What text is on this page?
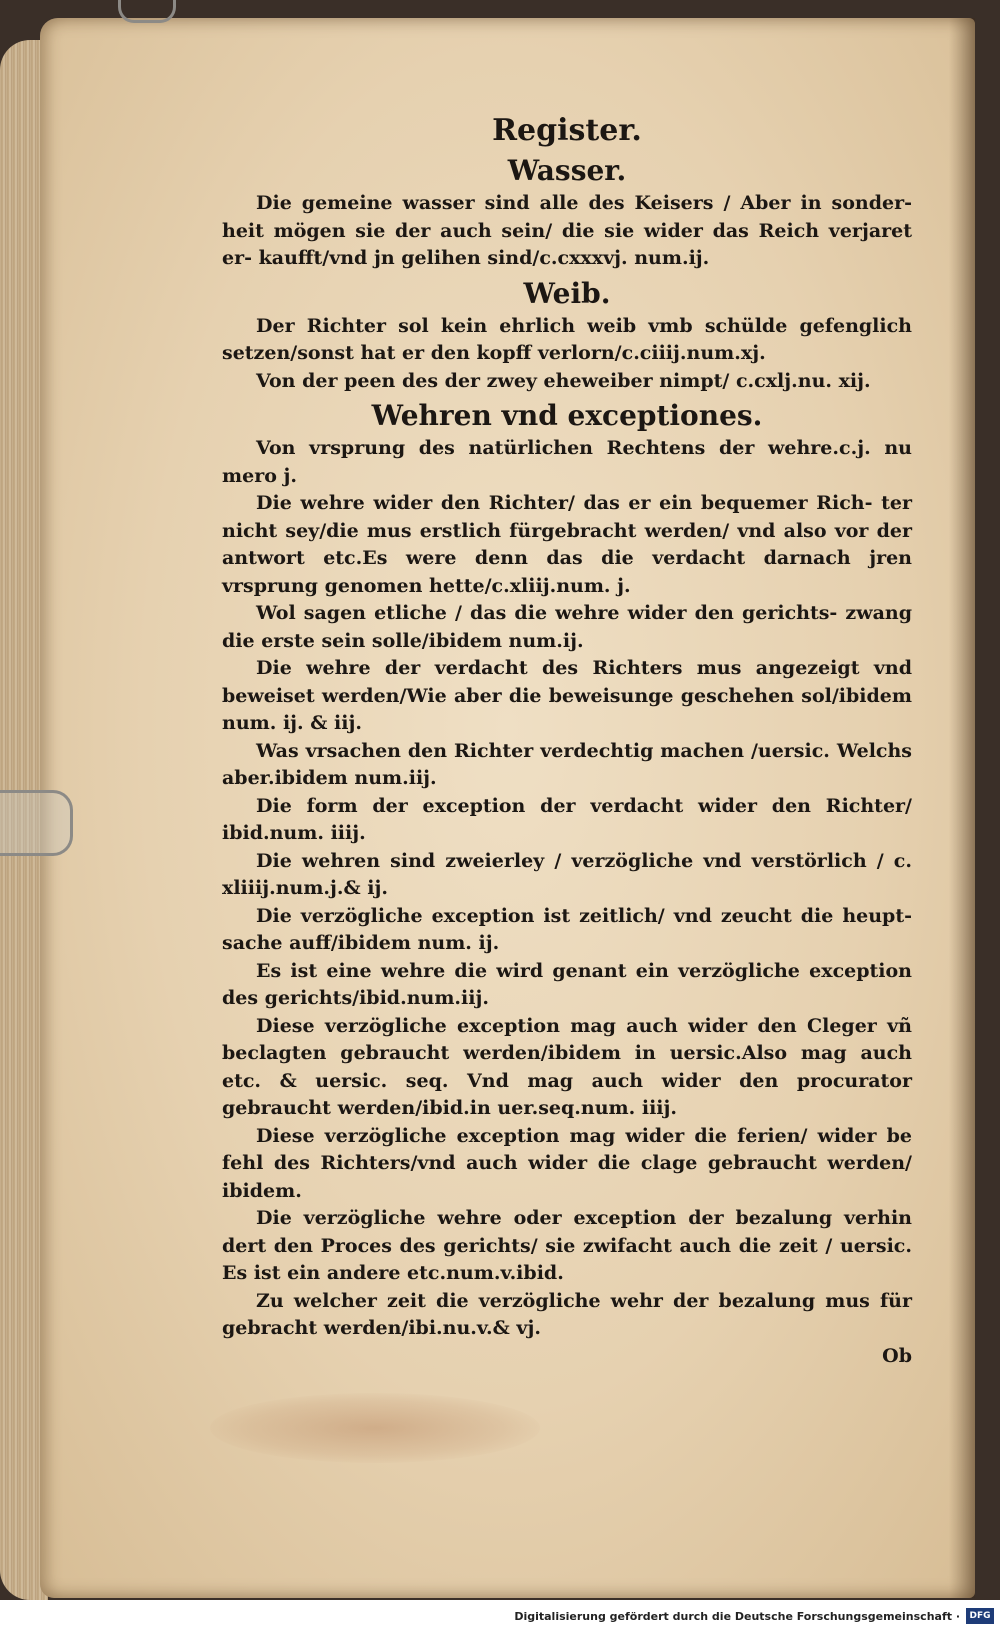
Register.
Wasser.

Die gemeine wasser sind alle des Keisers / Aber in sonder- heit mögen sie der auch sein/ die sie wider das Reich verjaret er- kaufft/vnd jn gelihen sind/c.cxxxvj. num.ij.

Weib.

Der Richter sol kein ehrlich weib vmb schülde gefenglich setzen/sonst hat er den kopff verlorn/c.ciiij.num.xj.

Von der peen des der zwey eheweiber nimpt/ c.cxlj.nu. xij.

Wehren vnd exceptiones.

Von vrsprung des natürlichen Rechtens der wehre.c.j. nu mero j.

Die wehre wider den Richter/ das er ein bequemer Rich- ter nicht sey/die mus erstlich fürgebracht werden/ vnd also vor der antwort etc.Es were denn das die verdacht darnach jren vrsprung genomen hette/c.xliij.num. j.

Wol sagen etliche / das die wehre wider den gerichts- zwang die erste sein solle/ibidem num.ij.

Die wehre der verdacht des Richters mus angezeigt vnd beweiset werden/Wie aber die beweisunge geschehen sol/ibidem num. ij. & iij.

Was vrsachen den Richter verdechtig machen /uersic. Welchs aber.ibidem num.iij.

Die form der exception der verdacht wider den Richter/ ibid.num. iiij.

Die wehren sind zweierley / verzögliche vnd verstörlich / c. xliiij.num.j.& ij.

Die verzögliche exception ist zeitlich/ vnd zeucht die heupt- sache auff/ibidem num. ij.

Es ist eine wehre die wird genant ein verzögliche exception des gerichts/ibid.num.iij.

Diese verzögliche exception mag auch wider den Cleger vñ beclagten gebraucht werden/ibidem in uersic.Also mag auch etc. & uersic. seq. Vnd mag auch wider den procurator gebraucht werden/ibid.in uer.seq.num. iiij.

Diese verzögliche exception mag wider die ferien/ wider be fehl des Richters/vnd auch wider die clage gebraucht werden/ ibidem.

Die verzögliche wehre oder exception der bezalung verhin dert den Proces des gerichts/ sie zwifacht auch die zeit / uersic. Es ist ein andere etc.num.v.ibid.

Zu welcher zeit die verzögliche wehr der bezalung mus für gebracht werden/ibi.nu.v.& vj.

Ob

Digitalisierung gefördert durch die Deutsche Forschungsgemeinschaft ·	DFG
